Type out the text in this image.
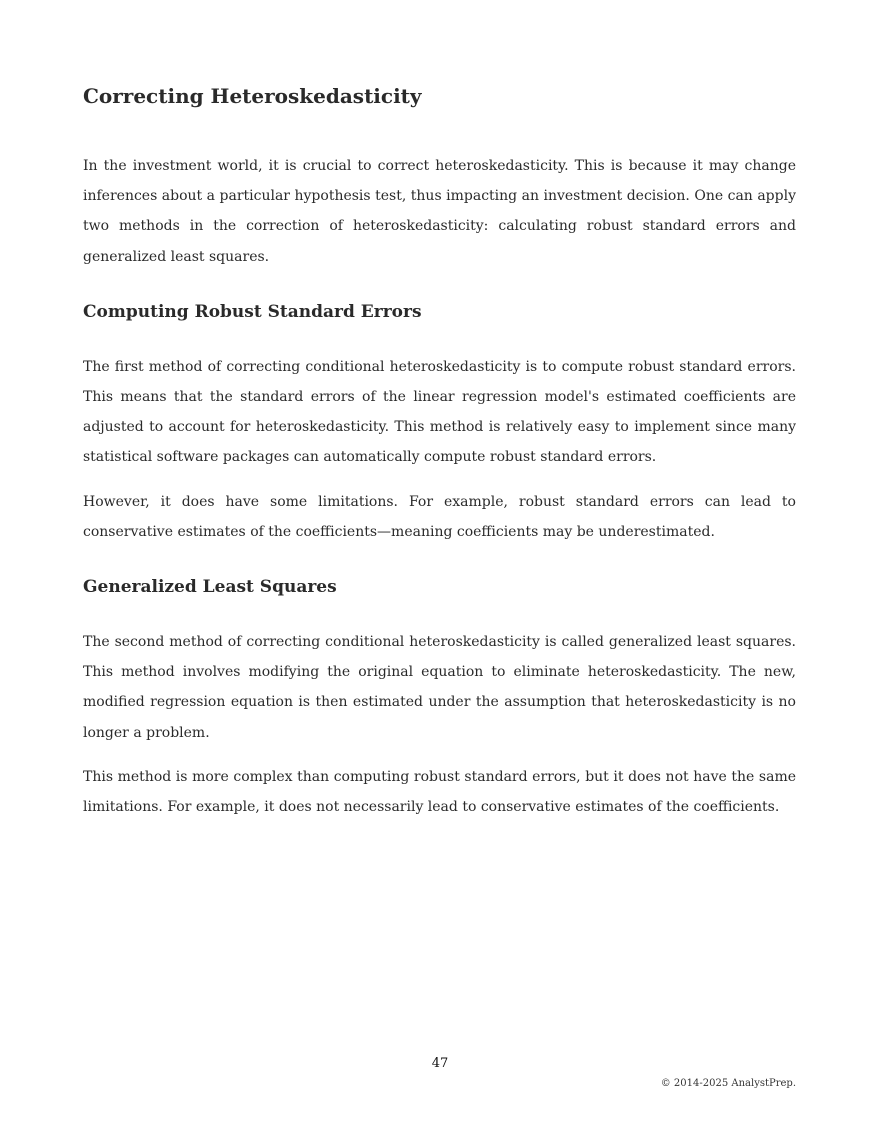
Correcting Heteroskedasticity

In the investment world, it is crucial to correct heteroskedasticity. This is because it may change inferences about a particular hypothesis test, thus impacting an investment decision. One can apply two methods in the correction of heteroskedasticity: calculating robust standard errors and generalized least squares.

Computing Robust Standard Errors

The first method of correcting conditional heteroskedasticity is to compute robust standard errors. This means that the standard errors of the linear regression model's estimated coefficients are adjusted to account for heteroskedasticity. This method is relatively easy to implement since many statistical software packages can automatically compute robust standard errors.

However, it does have some limitations. For example, robust standard errors can lead to conservative estimates of the coefficients—meaning coefficients may be underestimated.

Generalized Least Squares

The second method of correcting conditional heteroskedasticity is called generalized least squares. This method involves modifying the original equation to eliminate heteroskedasticity. The new, modified regression equation is then estimated under the assumption that heteroskedasticity is no longer a problem.

This method is more complex than computing robust standard errors, but it does not have the same limitations. For example, it does not necessarily lead to conservative estimates of the coefficients.

47
© 2014-2025 AnalystPrep.
